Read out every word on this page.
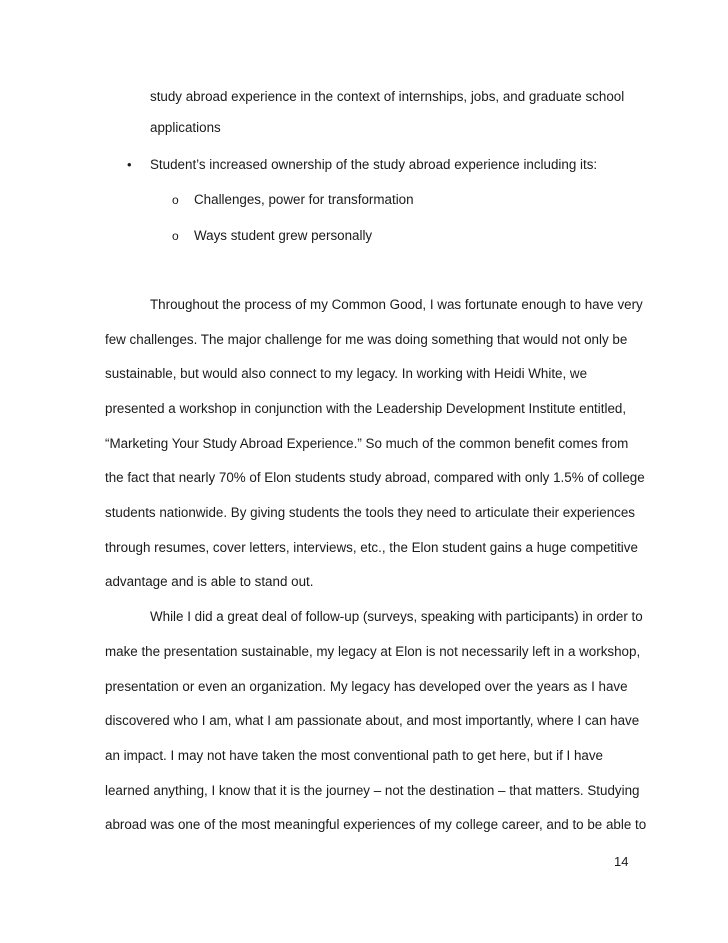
study abroad experience in the context of internships, jobs, and graduate school
applications
• Student’s increased ownership of the study abroad experience including its:
o Challenges, power for transformation
o Ways student grew personally
Throughout the process of my Common Good, I was fortunate enough to have very
few challenges. The major challenge for me was doing something that would not only be
sustainable, but would also connect to my legacy. In working with Heidi White, we
presented a workshop in conjunction with the Leadership Development Institute entitled,
“Marketing Your Study Abroad Experience.” So much of the common benefit comes from
the fact that nearly 70% of Elon students study abroad, compared with only 1.5% of college
students nationwide. By giving students the tools they need to articulate their experiences
through resumes, cover letters, interviews, etc., the Elon student gains a huge competitive
advantage and is able to stand out.
While I did a great deal of follow-up (surveys, speaking with participants) in order to
make the presentation sustainable, my legacy at Elon is not necessarily left in a workshop,
presentation or even an organization. My legacy has developed over the years as I have
discovered who I am, what I am passionate about, and most importantly, where I can have
an impact. I may not have taken the most conventional path to get here, but if I have
learned anything, I know that it is the journey – not the destination – that matters. Studying
abroad was one of the most meaningful experiences of my college career, and to be able to
14
